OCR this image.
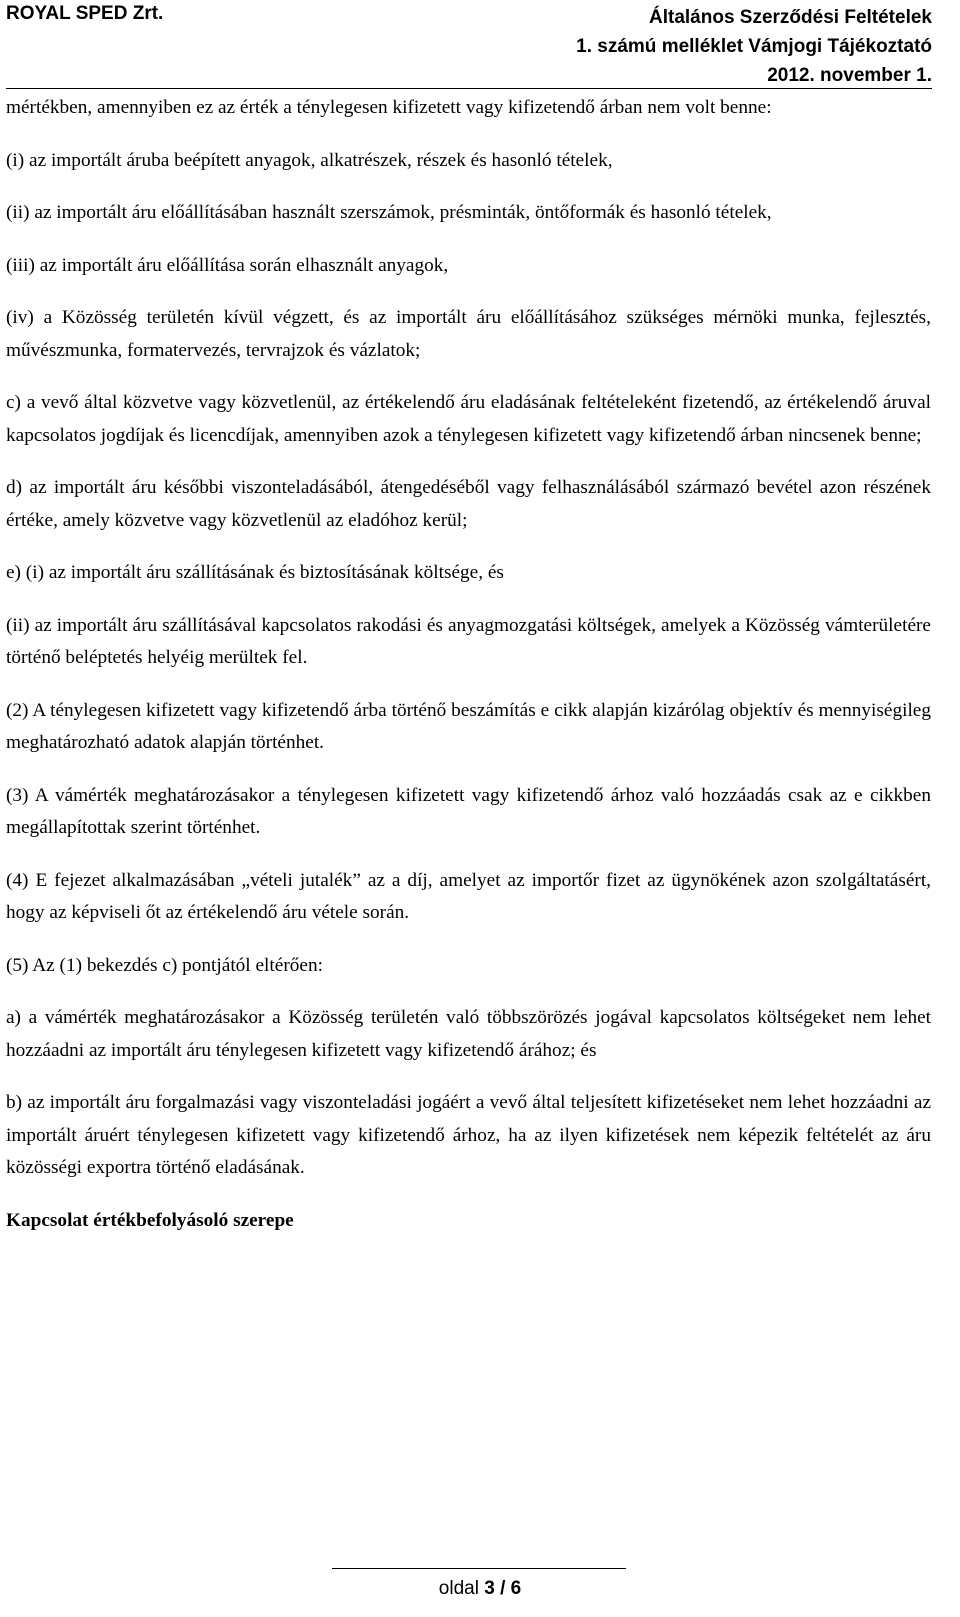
ROYAL SPED Zrt.	Általános Szerződési Feltételek
1. számú melléklet Vámjogi Tájékoztató
2012. november 1.

mértékben, amennyiben ez az érték a ténylegesen kifizetett vagy kifizetendő árban nem volt benne:

(i) az importált áruba beépített anyagok, alkatrészek, részek és hasonló tételek,

(ii) az importált áru előállításában használt szerszámok, présminták, öntőformák és hasonló tételek,

(iii) az importált áru előállítása során elhasznált anyagok,

(iv) a Közösség területén kívül végzett, és az importált áru előállításához szükséges mérnöki munka, fejlesztés, művészmunka, formatervezés, tervrajzok és vázlatok;

c) a vevő által közvetve vagy közvetlenül, az értékelendő áru eladásának feltételeként fizetendő, az értékelendő áruval kapcsolatos jogdíjak és licencdíjak, amennyiben azok a ténylegesen kifizetett vagy kifizetendő árban nincsenek benne;

d) az importált áru későbbi viszonteladásából, átengedéséből vagy felhasználásából származó bevétel azon részének értéke, amely közvetve vagy közvetlenül az eladóhoz kerül;

e) (i) az importált áru szállításának és biztosításának költsége, és

(ii) az importált áru szállításával kapcsolatos rakodási és anyagmozgatási költségek, amelyek a Közösség vámterületére történő beléptetés helyéig merültek fel.

(2) A ténylegesen kifizetett vagy kifizetendő árba történő beszámítás e cikk alapján kizárólag objektív és mennyiségileg meghatározható adatok alapján történhet.

(3) A vámérték meghatározásakor a ténylegesen kifizetett vagy kifizetendő árhoz való hozzáadás csak az e cikkben megállapítottak szerint történhet.

(4) E fejezet alkalmazásában „vételi jutalék” az a díj, amelyet az importőr fizet az ügynökének azon szolgáltatásért, hogy az képviseli őt az értékelendő áru vétele során.

(5) Az (1) bekezdés c) pontjától eltérően:

a) a vámérték meghatározásakor a Közösség területén való többszörözés jogával kapcsolatos költségeket nem lehet hozzáadni az importált áru ténylegesen kifizetett vagy kifizetendő árához; és

b) az importált áru forgalmazási vagy viszonteladási jogáért a vevő által teljesített kifizetéseket nem lehet hozzáadni az importált áruért ténylegesen kifizetett vagy kifizetendő árhoz, ha az ilyen kifizetések nem képezik feltételét az áru közösségi exportra történő eladásának.

Kapcsolat értékbefolyásoló szerepe

oldal 3 / 6
